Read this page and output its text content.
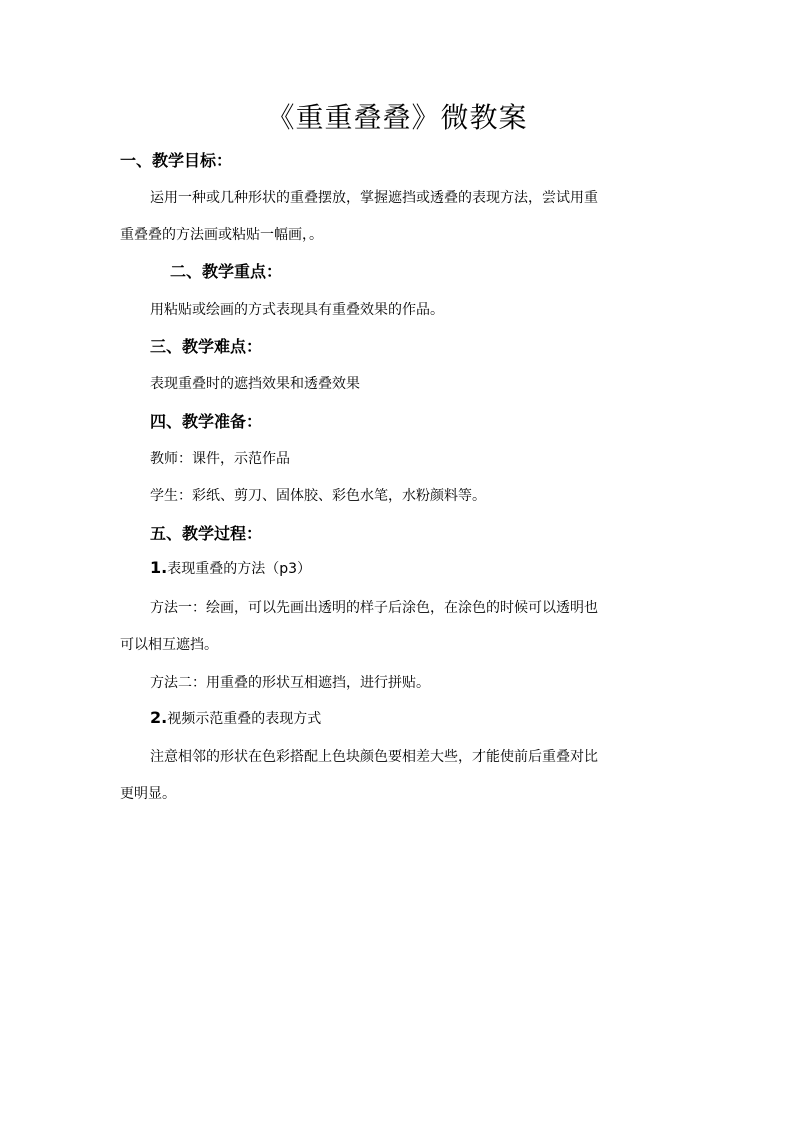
《重重叠叠》微教案
一、教学目标：
运用一种或几种形状的重叠摆放，掌握遮挡或透叠的表现方法，尝试用重
重叠叠的方法画或粘贴一幅画，。
二、教学重点：
用粘贴或绘画的方式表现具有重叠效果的作品。
三、教学难点：
表现重叠时的遮挡效果和透叠效果
四、教学准备：
教师：课件，示范作品
学生：彩纸、剪刀、固体胶、彩色水笔，水粉颜料等。
五、教学过程：
1.表现重叠的方法（p3）
方法一：绘画，可以先画出透明的样子后涂色，在涂色的时候可以透明也
可以相互遮挡。
方法二：用重叠的形状互相遮挡，进行拼贴。
2.视频示范重叠的表现方式
注意相邻的形状在色彩搭配上色块颜色要相差大些，才能使前后重叠对比
更明显。
